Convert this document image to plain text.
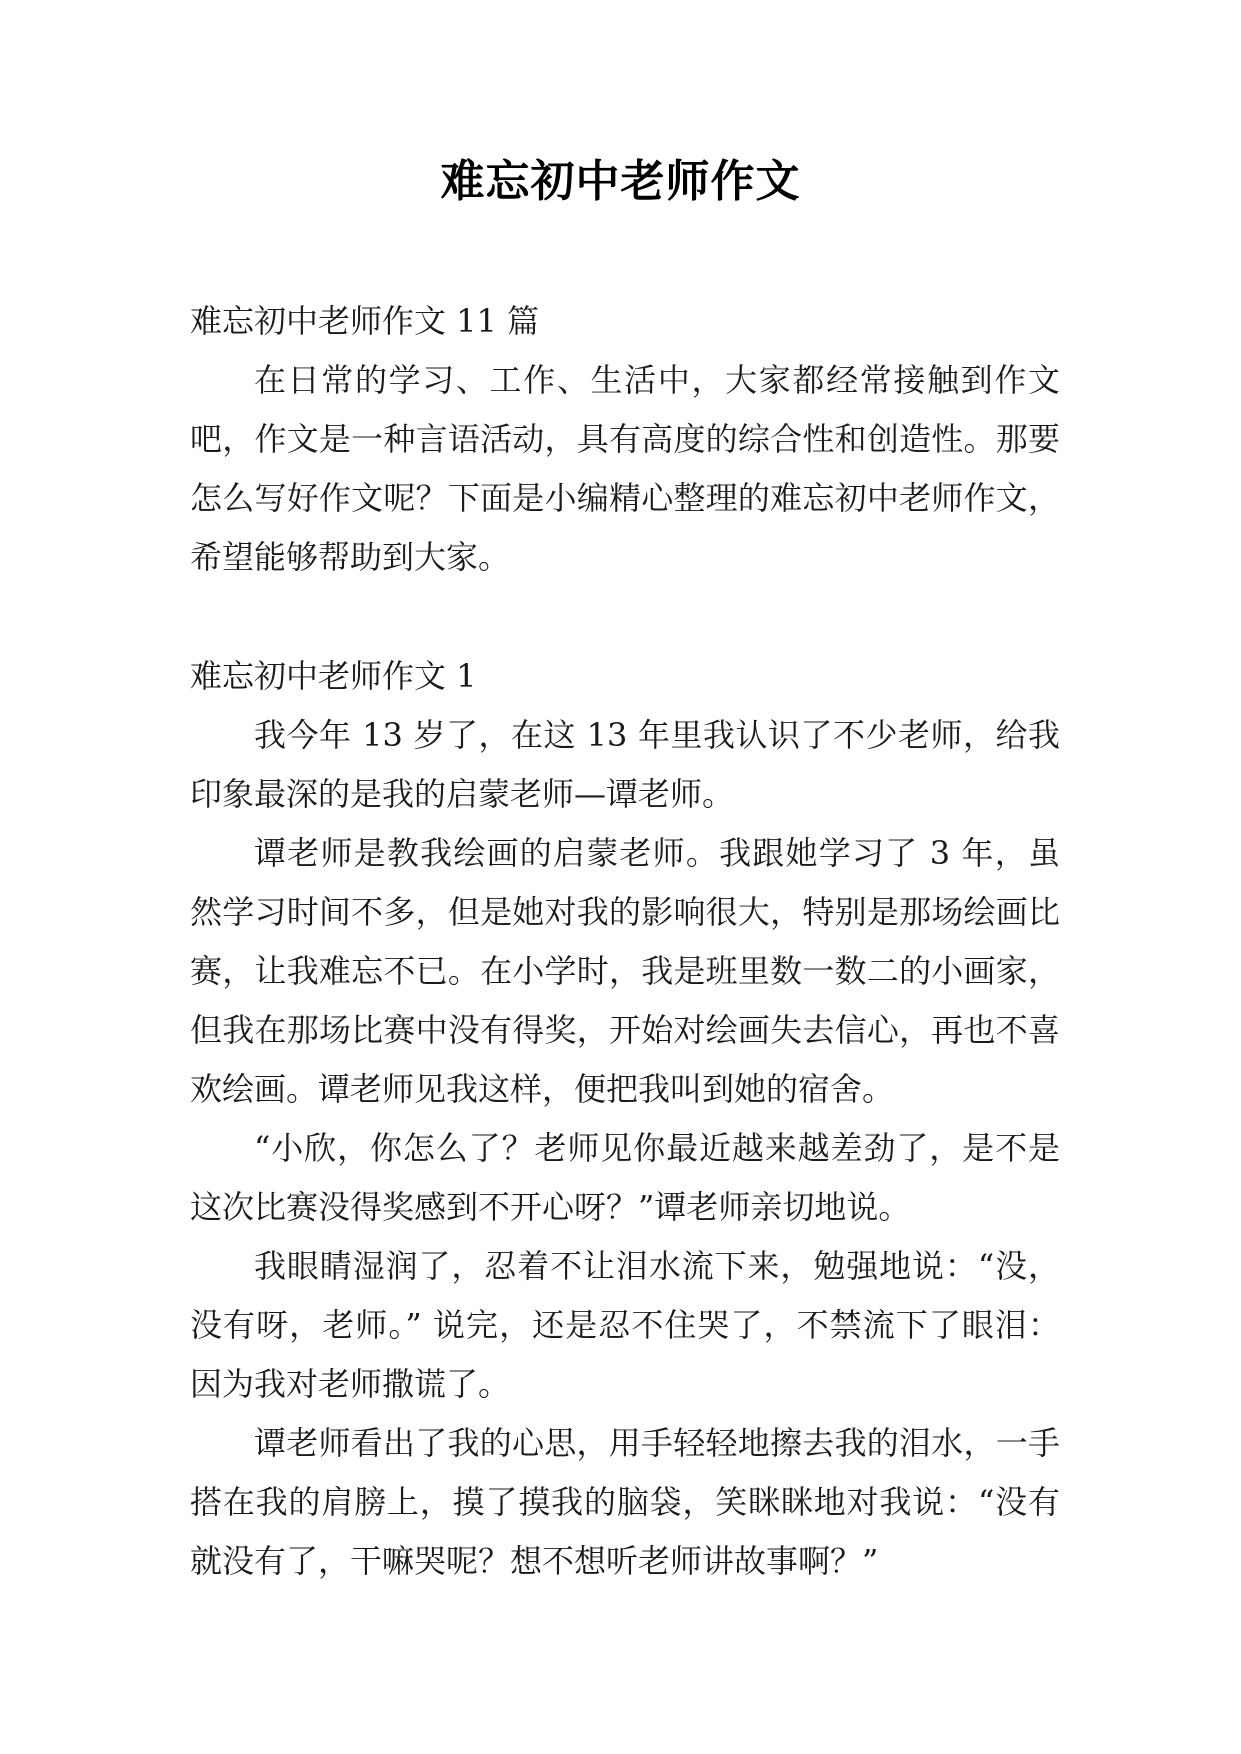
难忘初中老师作文

难忘初中老师作文 11 篇

在日常的学习、工作、生活中，大家都经常接触到作文吧，作文是一种言语活动，具有高度的综合性和创造性。那要怎么写好作文呢？下面是小编精心整理的难忘初中老师作文，希望能够帮助到大家。

难忘初中老师作文 1

我今年 13 岁了，在这 13 年里我认识了不少老师，给我印象最深的是我的启蒙老师—谭老师。

谭老师是教我绘画的启蒙老师。我跟她学习了 3 年，虽然学习时间不多，但是她对我的影响很大，特别是那场绘画比赛，让我难忘不已。在小学时，我是班里数一数二的小画家，但我在那场比赛中没有得奖，开始对绘画失去信心，再也不喜欢绘画。谭老师见我这样，便把我叫到她的宿舍。

“小欣，你怎么了？老师见你最近越来越差劲了，是不是这次比赛没得奖感到不开心呀？”谭老师亲切地说。

我眼睛湿润了，忍着不让泪水流下来，勉强地说：“没，没有呀，老师。” 说完，还是忍不住哭了，不禁流下了眼泪：因为我对老师撒谎了。

谭老师看出了我的心思，用手轻轻地擦去我的泪水，一手搭在我的肩膀上，摸了摸我的脑袋，笑眯眯地对我说：“没有就没有了，干嘛哭呢？想不想听老师讲故事啊？”
